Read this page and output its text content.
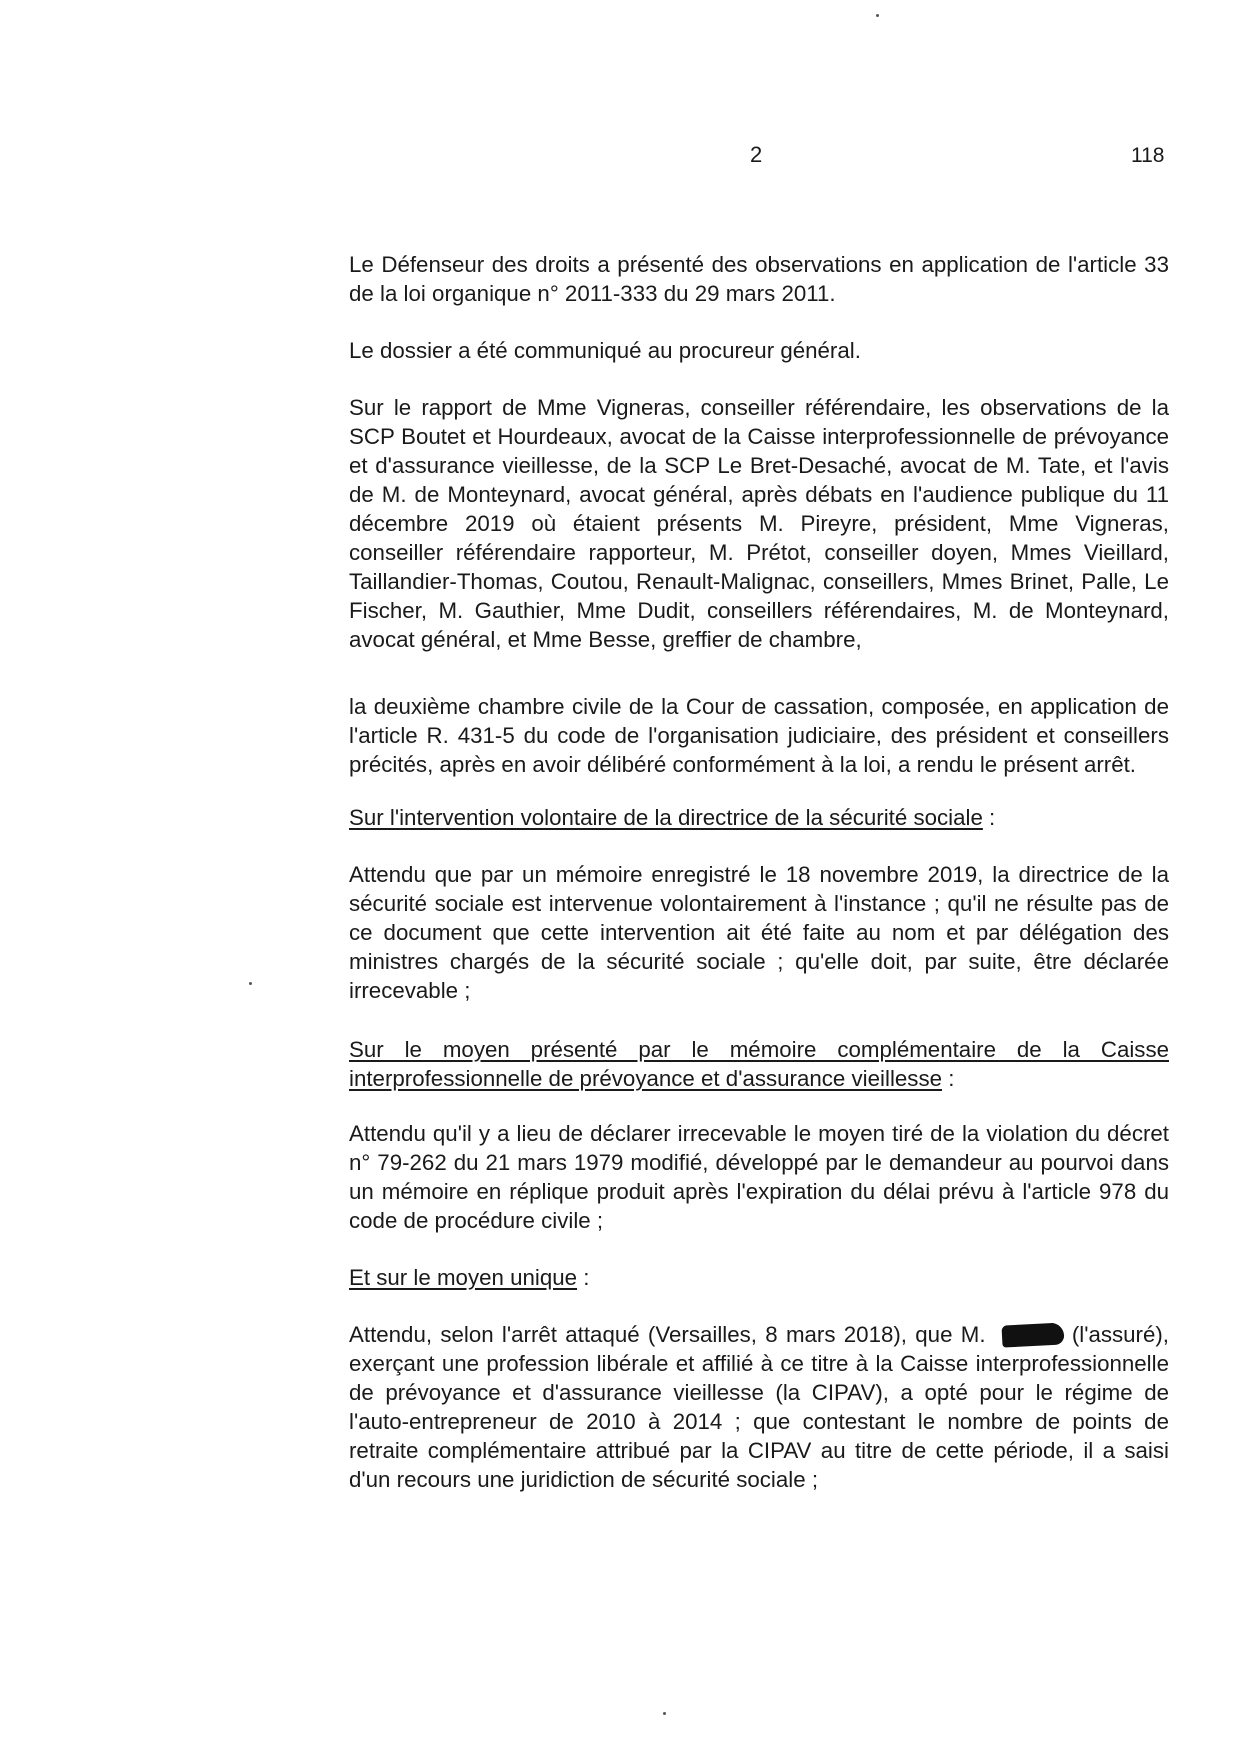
2	118

Le Défenseur des droits a présenté des observations en application de l'article 33 de la loi organique n° 2011-333 du 29 mars 2011.

Le dossier a été communiqué au procureur général.

Sur le rapport de Mme Vigneras, conseiller référendaire, les observations de la SCP Boutet et Hourdeaux, avocat de la Caisse interprofessionnelle de prévoyance et d'assurance vieillesse, de la SCP Le Bret-Desaché, avocat de M. Tate, et l'avis de M. de Monteynard, avocat général, après débats en l'audience publique du 11 décembre 2019 où étaient présents M. Pireyre, président, Mme Vigneras, conseiller référendaire rapporteur, M. Prétot, conseiller doyen, Mmes Vieillard, Taillandier-Thomas, Coutou, Renault-Malignac, conseillers, Mmes Brinet, Palle, Le Fischer, M. Gauthier, Mme Dudit, conseillers référendaires, M. de Monteynard, avocat général, et Mme Besse, greffier de chambre,

la deuxième chambre civile de la Cour de cassation, composée, en application de l'article R. 431-5 du code de l'organisation judiciaire, des président et conseillers précités, après en avoir délibéré conformément à la loi, a rendu le présent arrêt.

Sur l'intervention volontaire de la directrice de la sécurité sociale :

Attendu que par un mémoire enregistré le 18 novembre 2019, la directrice de la sécurité sociale est intervenue volontairement à l'instance ; qu'il ne résulte pas de ce document que cette intervention ait été faite au nom et par délégation des ministres chargés de la sécurité sociale ; qu'elle doit, par suite, être déclarée irrecevable ;

Sur le moyen présenté par le mémoire complémentaire de la Caisse interprofessionnelle de prévoyance et d'assurance vieillesse :

Attendu qu'il y a lieu de déclarer irrecevable le moyen tiré de la violation du décret n° 79-262 du 21 mars 1979 modifié, développé par le demandeur au pourvoi dans un mémoire en réplique produit après l'expiration du délai prévu à l'article 978 du code de procédure civile ;

Et sur le moyen unique :

Attendu, selon l'arrêt attaqué (Versailles, 8 mars 2018), que M.	(l'assuré), exerçant une profession libérale et affilié à ce titre à la Caisse interprofessionnelle de prévoyance et d'assurance vieillesse (la CIPAV), a opté pour le régime de l'auto-entrepreneur de 2010 à 2014 ; que contestant le nombre de points de retraite complémentaire attribué par la CIPAV au titre de cette période, il a saisi d'un recours une juridiction de sécurité sociale ;
